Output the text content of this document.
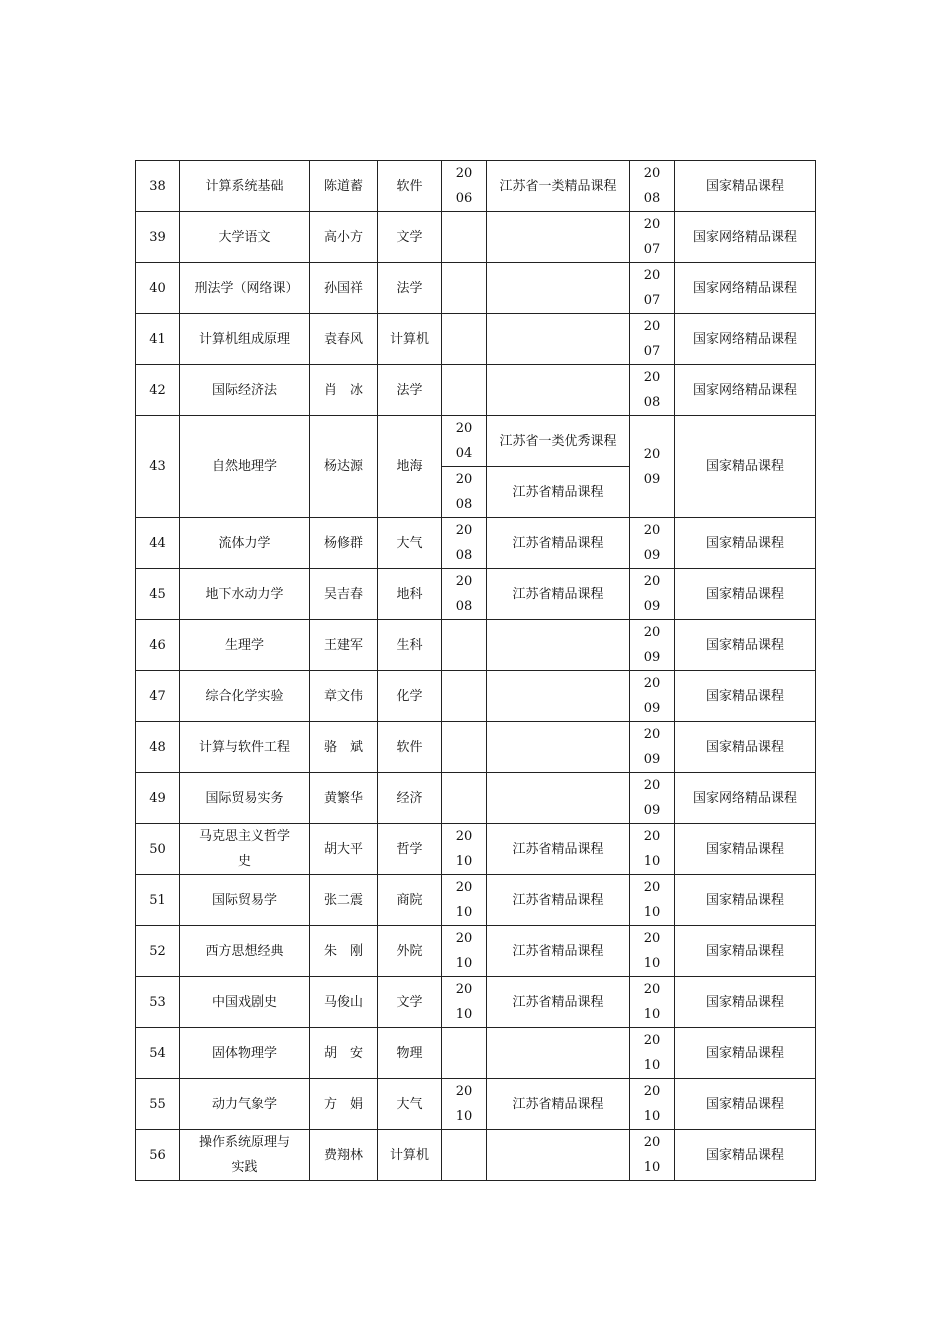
38	计算系统基础	陈道蓄	软件	2006	江苏省一类精品课程	2008	国家精品课程

39	大学语文	高小方	文学			2007	国家网络精品课程

40	刑法学（网络课）	孙国祥	法学			2007	国家网络精品课程

41	计算机组成原理	袁春风	计算机			2007	国家网络精品课程

42	国际经济法	肖　冰	法学			2008	国家网络精品课程

43	自然地理学	杨达源	地海	2004	江苏省一类优秀课程	2009	国家精品课程

				2008	江苏省精品课程		

44	流体力学	杨修群	大气	2008	江苏省精品课程	2009	国家精品课程

45	地下水动力学	吴吉春	地科	2008	江苏省精品课程	2009	国家精品课程

46	生理学	王建军	生科			2009	国家精品课程

47	综合化学实验	章文伟	化学			2009	国家精品课程

48	计算与软件工程	骆　斌	软件			2009	国家精品课程

49	国际贸易实务	黄繁华	经济			2009	国家网络精品课程

50	马克思主义哲学史	胡大平	哲学	2010	江苏省精品课程	2010	国家精品课程

51	国际贸易学	张二震	商院	2010	江苏省精品课程	2010	国家精品课程

52	西方思想经典	朱　刚	外院	2010	江苏省精品课程	2010	国家精品课程

53	中国戏剧史	马俊山	文学	2010	江苏省精品课程	2010	国家精品课程

54	固体物理学	胡　安	物理			2010	国家精品课程

55	动力气象学	方　娟	大气	2010	江苏省精品课程	2010	国家精品课程

56	操作系统原理与实践	费翔林	计算机			2010	国家精品课程
